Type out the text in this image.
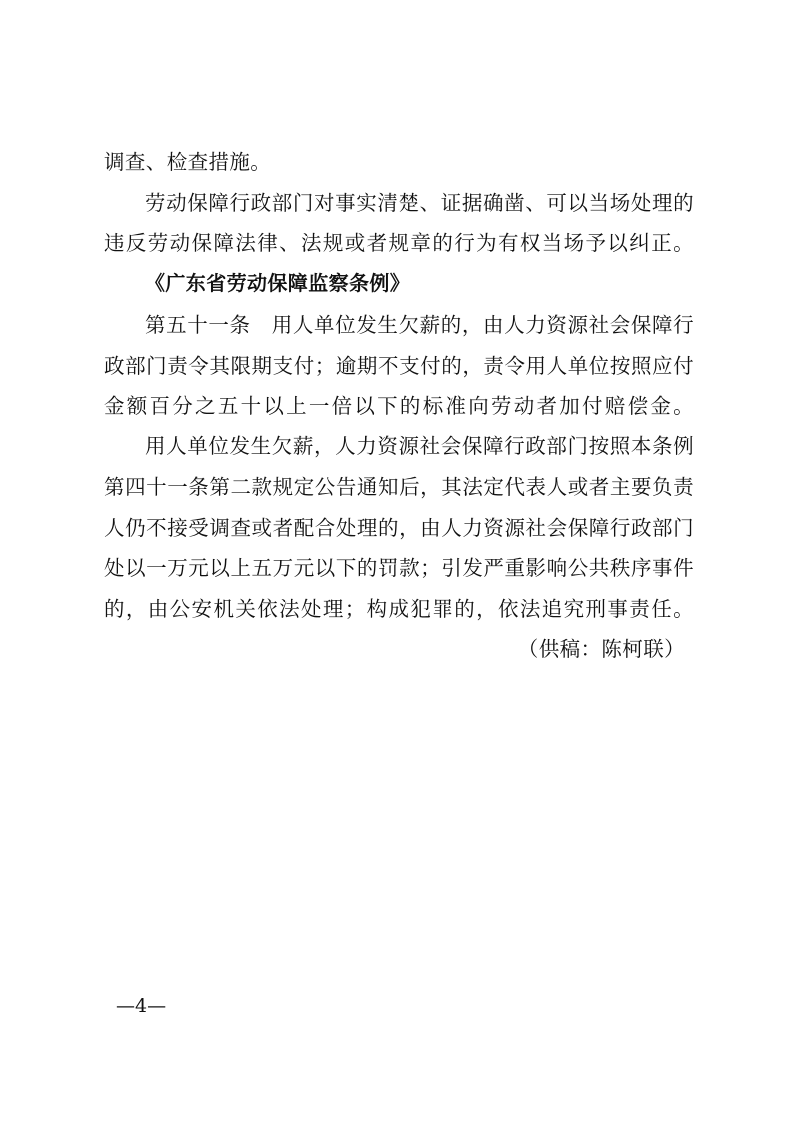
调查、检查措施。
劳动保障行政部门对事实清楚、证据确凿、可以当场处理的
违反劳动保障法律、法规或者规章的行为有权当场予以纠正。
《广东省劳动保障监察条例》
第五十一条　用人单位发生欠薪的，由人力资源社会保障行
政部门责令其限期支付；逾期不支付的，责令用人单位按照应付
金额百分之五十以上一倍以下的标准向劳动者加付赔偿金。
用人单位发生欠薪，人力资源社会保障行政部门按照本条例
第四十一条第二款规定公告通知后，其法定代表人或者主要负责
人仍不接受调查或者配合处理的，由人力资源社会保障行政部门
处以一万元以上五万元以下的罚款；引发严重影响公共秩序事件
的，由公安机关依法处理；构成犯罪的，依法追究刑事责任。
（供稿：陈柯联）
—4—
